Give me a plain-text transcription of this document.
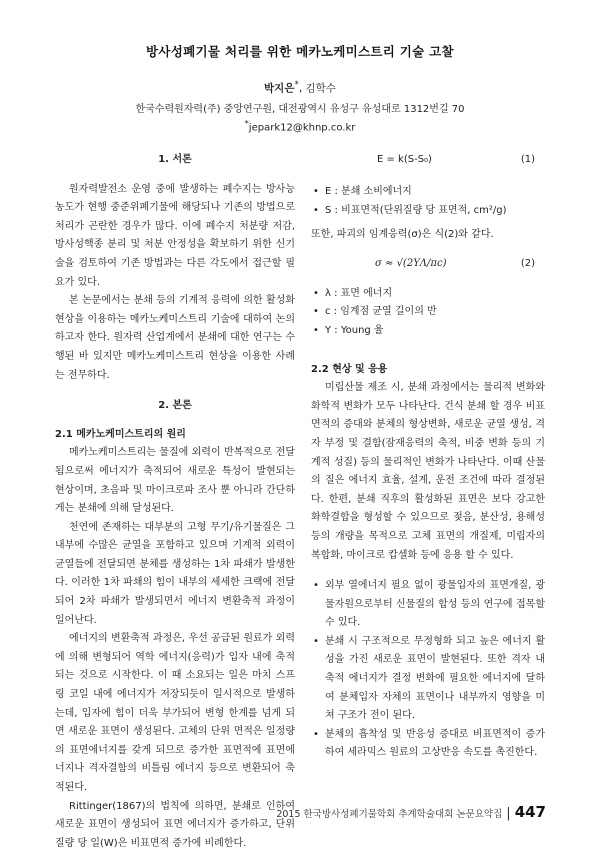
방사성폐기물 처리를 위한 메카노케미스트리 기술 고찰
박지은*, 김학수
한국수력원자력(주) 중앙연구원, 대전광역시 유성구 유성대로 1312번길 70
*jepark12@khnp.co.kr

1. 서론

원자력발전소 운영 중에 발생하는 폐수지는 방사능 농도가 현행 중준위폐기물에 해당되나 기존의 방법으로 처리가 곤란한 경우가 많다. 이에 폐수지 처분량 저감, 방사성핵종 분리 및 처분 안정성을 확보하기 위한 신기술을 검토하여 기존 방법과는 다른 각도에서 접근할 필요가 있다.

본 논문에서는 분쇄 등의 기계적 응력에 의한 활성화 현상을 이용하는 메카노케미스트리 기술에 대하여 논의하고자 한다. 원자력 산업계에서 분쇄에 대한 연구는 수행된 바 있지만 메카노케미스트리 현상을 이용한 사례는 전무하다.

2. 본론

2.1 메카노케미스트리의 원리

메카노케미스트리는 물질에 외력이 반복적으로 전달됨으로써 에너지가 축적되어 새로운 특성이 발현되는 현상이며, 초음파 및 마이크로파 조사 뿐 아니라 간단하게는 분쇄에 의해 달성된다.

천연에 존재하는 대부분의 고형 무기/유기물질은 그 내부에 수많은 균열을 포함하고 있으며 기계적 외력이 균열들에 전달되면 분체를 생성하는 1차 파쇄가 발생한다. 이러한 1차 파쇄의 힘이 내부의 세세한 크랙에 전달되어 2차 파쇄가 발생되면서 에너지 변환축적 과정이 일어난다.

에너지의 변환축적 과정은, 우선 공급된 원료가 외력에 의해 변형되어 역학 에너지(응력)가 입자 내에 축적되는 것으로 시작한다. 이 때 소요되는 일은 마치 스프링 코일 내에 에너지가 저장되듯이 일시적으로 발생하는데, 입자에 힘이 더욱 부가되어 변형 한계를 넘게 되면 새로운 표면이 생성된다. 고체의 단위 면적은 일정량의 표면에너지를 갖게 되므로 증가한 표면적에 표면에너지나 격자결함의 비틀림 에너지 등으로 변환되어 축적된다.

Rittinger(1867)의 법칙에 의하면, 분쇄로 인하여 새로운 표면이 생성되어 표면 에너지가 증가하고, 단위질량 당 일(W)은 비표면적 증가에 비례한다.

E = k(S-S₀)	(1)
• E : 분쇄 소비에너지
• S : 비표면적(단위질량 당 표면적, cm²/g)

또한, 파괴의 임계응력(σ)은 식(2)와 같다.

σ ≈ √(2YΛ/πc)	(2)
• λ : 표면 에너지
• c : 임계점 균열 길이의 반
• Y : Young 율

2.2 현상 및 응용

미립산물 제조 시, 분쇄 과정에서는 물리적 변화와 화학적 변화가 모두 나타난다. 건식 분쇄 할 경우 비표면적의 증대와 분체의 형상변화, 새로운 균열 생성, 격자 부정 및 결함(잠재응력의 축적, 비중 변화 등의 기계적 성질) 등의 물리적인 변화가 나타난다. 이때 산물의 질은 에너지 효율, 설계, 운전 조건에 따라 결정된다. 한편, 분쇄 직후의 활성화된 표면은 보다 강고한 화학결합을 형성할 수 있으므로 젖음, 분산성, 용해성 등의 개량을 목적으로 고체 표면의 개질제, 미립자의 복합화, 마이크로 캅셀화 등에 응용 할 수 있다.

• 외부 열에너지 필요 없이 광물입자의 표면개질, 광물자원으로부터 신물질의 합성 등의 연구에 접목할 수 있다.
• 분쇄 시 구조적으로 무정형화 되고 높은 에너지 활성을 가진 새로운 표면이 발현된다. 또한 격자 내 축적 에너지가 결정 변화에 필요한 에너지에 달하여 분체입자 자체의 표면이나 내부까지 영향을 미쳐 구조가 전이 된다.
• 분체의 흡착성 및 반응성 증대로 비표면적이 증가하여 세라믹스 원료의 고상반응 속도를 촉진한다.
2015 한국방사성폐기물학회 추계학술대회 논문요약집 | 447
